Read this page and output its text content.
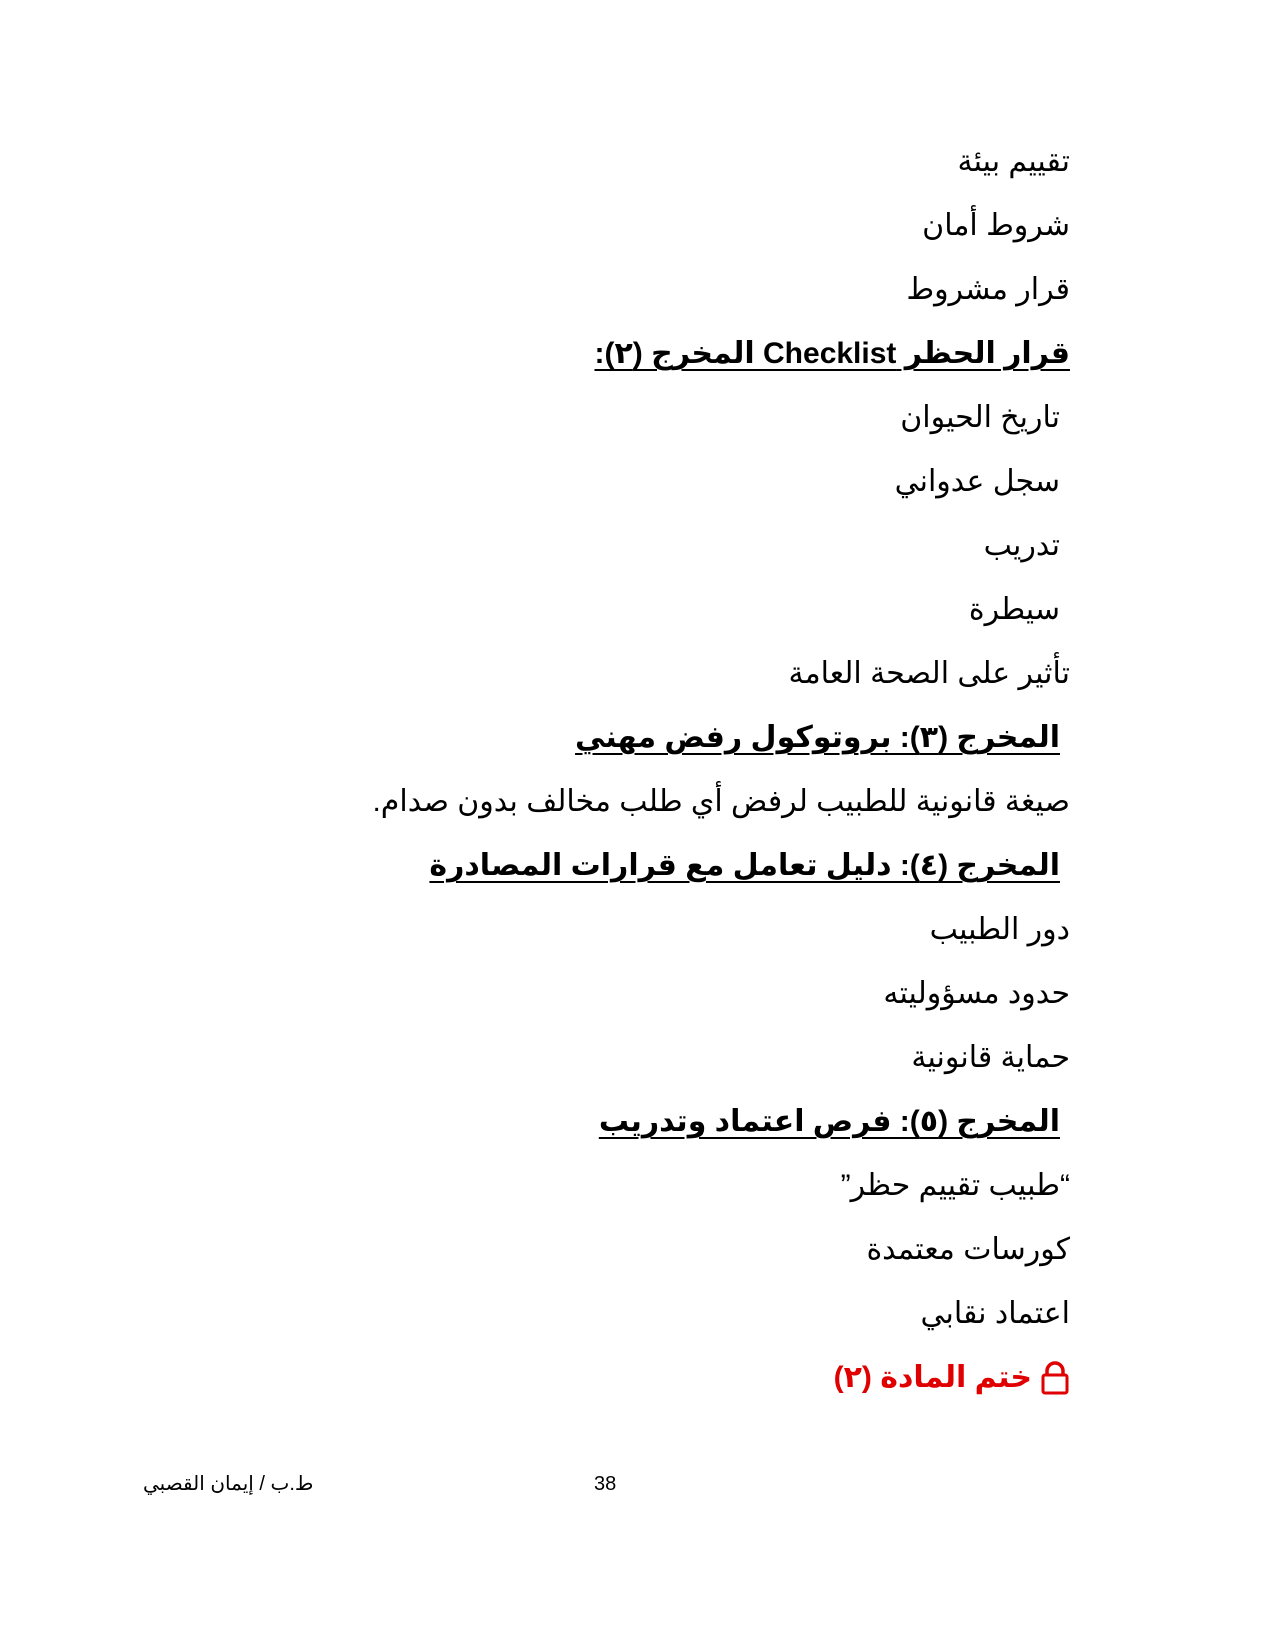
تقييم بيئة
شروط أمان
قرار مشروط
قرار الحظر Checklist المخرج (٢):
تاريخ الحيوان
سجل عدواني
تدريب
سيطرة
تأثير على الصحة العامة
المخرج (٣): بروتوكول رفض مهني
صيغة قانونية للطبيب لرفض أي طلب مخالف بدون صدام.
المخرج (٤): دليل تعامل مع قرارات المصادرة
دور الطبيب
حدود مسؤوليته
حماية قانونية
المخرج (٥): فرص اعتماد وتدريب
“طبيب تقييم حظر”
كورسات معتمدة
اعتماد نقابي
ختم المادة (٢)
38
ط.ب / إيمان القصبي
